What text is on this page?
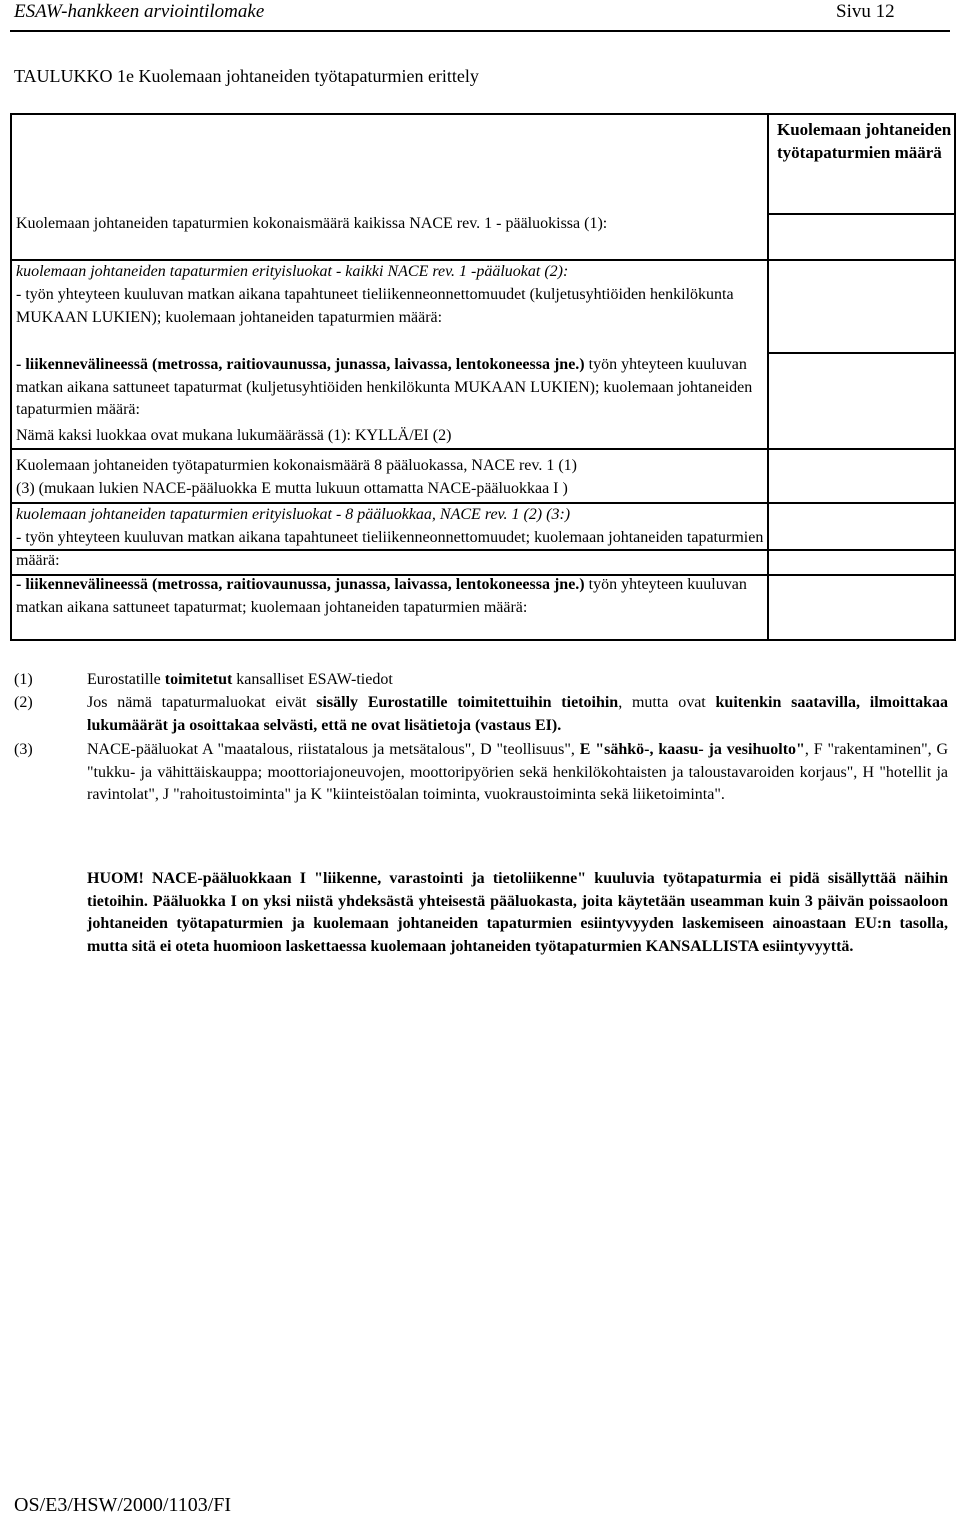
ESAW-hankkeen arviointilomake	Sivu 12
TAULUKKO 1e Kuolemaan johtaneiden työtapaturmien erittely
Kuolemaan johtaneiden työtapaturmien määrä
Kuolemaan johtaneiden tapaturmien kokonaismäärä kaikissa NACE rev. 1 - pääluokissa (1):
kuolemaan johtaneiden tapaturmien erityisluokat - kaikki NACE rev. 1 -pääluokat (2):
- työn yhteyteen kuuluvan matkan aikana tapahtuneet tieliikenneonnettomuudet (kuljetusyhtiöiden henkilökunta MUKAAN LUKIEN); kuolemaan johtaneiden tapaturmien määrä:
- liikennevälineessä (metrossa, raitiovaunussa, junassa, laivassa, lentokoneessa jne.) työn yhteyteen kuuluvan matkan aikana sattuneet tapaturmat (kuljetusyhtiöiden henkilökunta MUKAAN LUKIEN); kuolemaan johtaneiden tapaturmien määrä:
Nämä kaksi luokkaa ovat mukana lukumäärässä (1): KYLLÄ/EI (2)
Kuolemaan johtaneiden työtapaturmien kokonaismäärä 8 pääluokassa, NACE rev. 1 (1)
(3) (mukaan lukien NACE-pääluokka E mutta lukuun ottamatta NACE-pääluokkaa I )
kuolemaan johtaneiden tapaturmien erityisluokat - 8 pääluokkaa, NACE rev. 1 (2) (3:)
- työn yhteyteen kuuluvan matkan aikana tapahtuneet tieliikenneonnettomuudet; kuolemaan johtaneiden tapaturmien määrä:
- liikennevälineessä (metrossa, raitiovaunussa, junassa, laivassa, lentokoneessa jne.) työn yhteyteen kuuluvan matkan aikana sattuneet tapaturmat; kuolemaan johtaneiden tapaturmien määrä:
(1)	Eurostatille toimitetut kansalliset ESAW-tiedot
(2)	Jos nämä tapaturmaluokat eivät sisälly Eurostatille toimitettuihin tietoihin, mutta ovat kuitenkin saatavilla, ilmoittakaa lukumäärät ja osoittakaa selvästi, että ne ovat lisätietoja (vastaus EI).
(3)	NACE-pääluokat A "maatalous, riistatalous ja metsätalous", D "teollisuus", E "sähkö-, kaasu- ja vesihuolto", F "rakentaminen", G "tukku- ja vähittäiskauppa; moottoriajoneuvojen, moottoripyörien sekä henkilökohtaisten ja taloustavaroiden korjaus", H "hotellit ja ravintolat", J "rahoitustoiminta" ja K "kiinteistöalan toiminta, vuokraustoiminta sekä liiketoiminta".
HUOM! NACE-pääluokkaan I "liikenne, varastointi ja tietoliikenne" kuuluvia työtapaturmia ei pidä sisällyttää näihin tietoihin. Pääluokka I on yksi niistä yhdeksästä yhteisestä pääluokasta, joita käytetään useamman kuin 3 päivän poissaoloon johtaneiden työtapaturmien ja kuolemaan johtaneiden tapaturmien esiintyvyyden laskemiseen ainoastaan EU:n tasolla, mutta sitä ei oteta huomioon laskettaessa kuolemaan johtaneiden työtapaturmien KANSALLISTA esiintyvyyttä.
OS/E3/HSW/2000/1103/FI
